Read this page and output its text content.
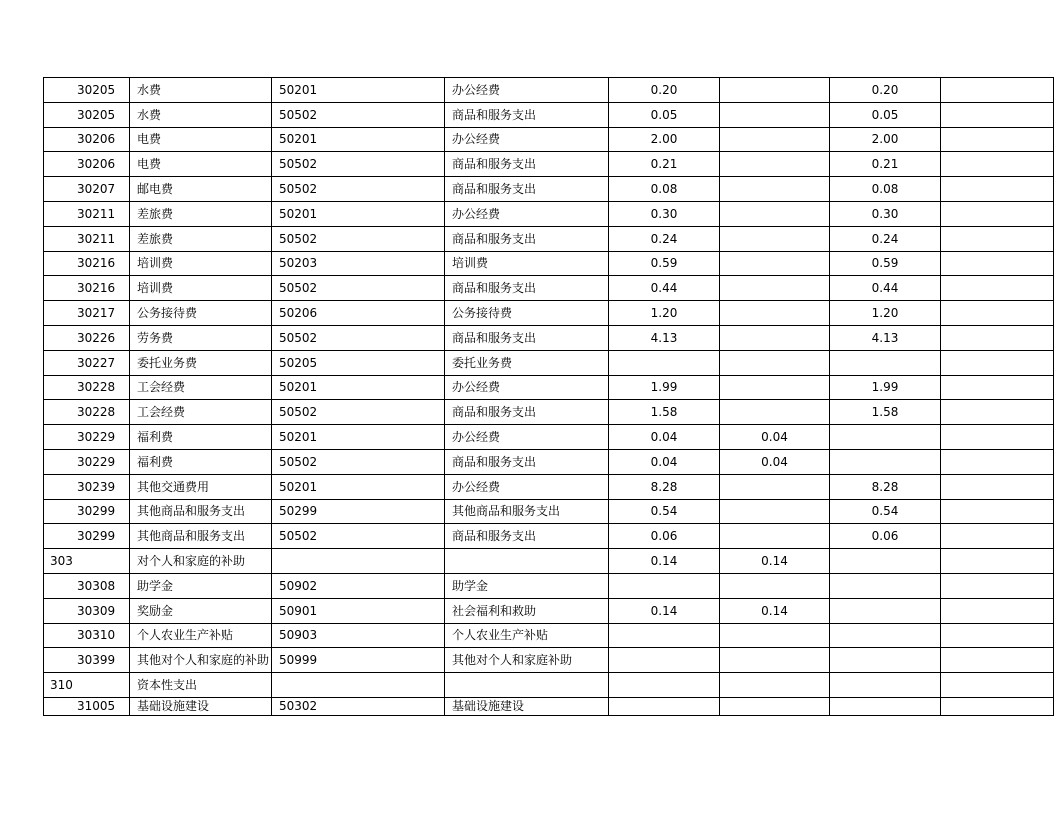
30205	水费	50201	办公经费	0.20		0.20	
30205	水费	50502	商品和服务支出	0.05		0.05	
30206	电费	50201	办公经费	2.00		2.00	
30206	电费	50502	商品和服务支出	0.21		0.21	
30207	邮电费	50502	商品和服务支出	0.08		0.08	
30211	差旅费	50201	办公经费	0.30		0.30	
30211	差旅费	50502	商品和服务支出	0.24		0.24	
30216	培训费	50203	培训费	0.59		0.59	
30216	培训费	50502	商品和服务支出	0.44		0.44	
30217	公务接待费	50206	公务接待费	1.20		1.20	
30226	劳务费	50502	商品和服务支出	4.13		4.13	
30227	委托业务费	50205	委托业务费				
30228	工会经费	50201	办公经费	1.99		1.99	
30228	工会经费	50502	商品和服务支出	1.58		1.58	
30229	福利费	50201	办公经费	0.04	0.04		
30229	福利费	50502	商品和服务支出	0.04	0.04		
30239	其他交通费用	50201	办公经费	8.28		8.28	
30299	其他商品和服务支出	50299	其他商品和服务支出	0.54		0.54	
30299	其他商品和服务支出	50502	商品和服务支出	0.06		0.06	
303	对个人和家庭的补助			0.14	0.14		
30308	助学金	50902	助学金				
30309	奖励金	50901	社会福利和救助	0.14	0.14		
30310	个人农业生产补贴	50903	个人农业生产补贴				
30399	其他对个人和家庭的补助	50999	其他对个人和家庭补助				
310	资本性支出						
31005	基础设施建设	50302	基础设施建设				
